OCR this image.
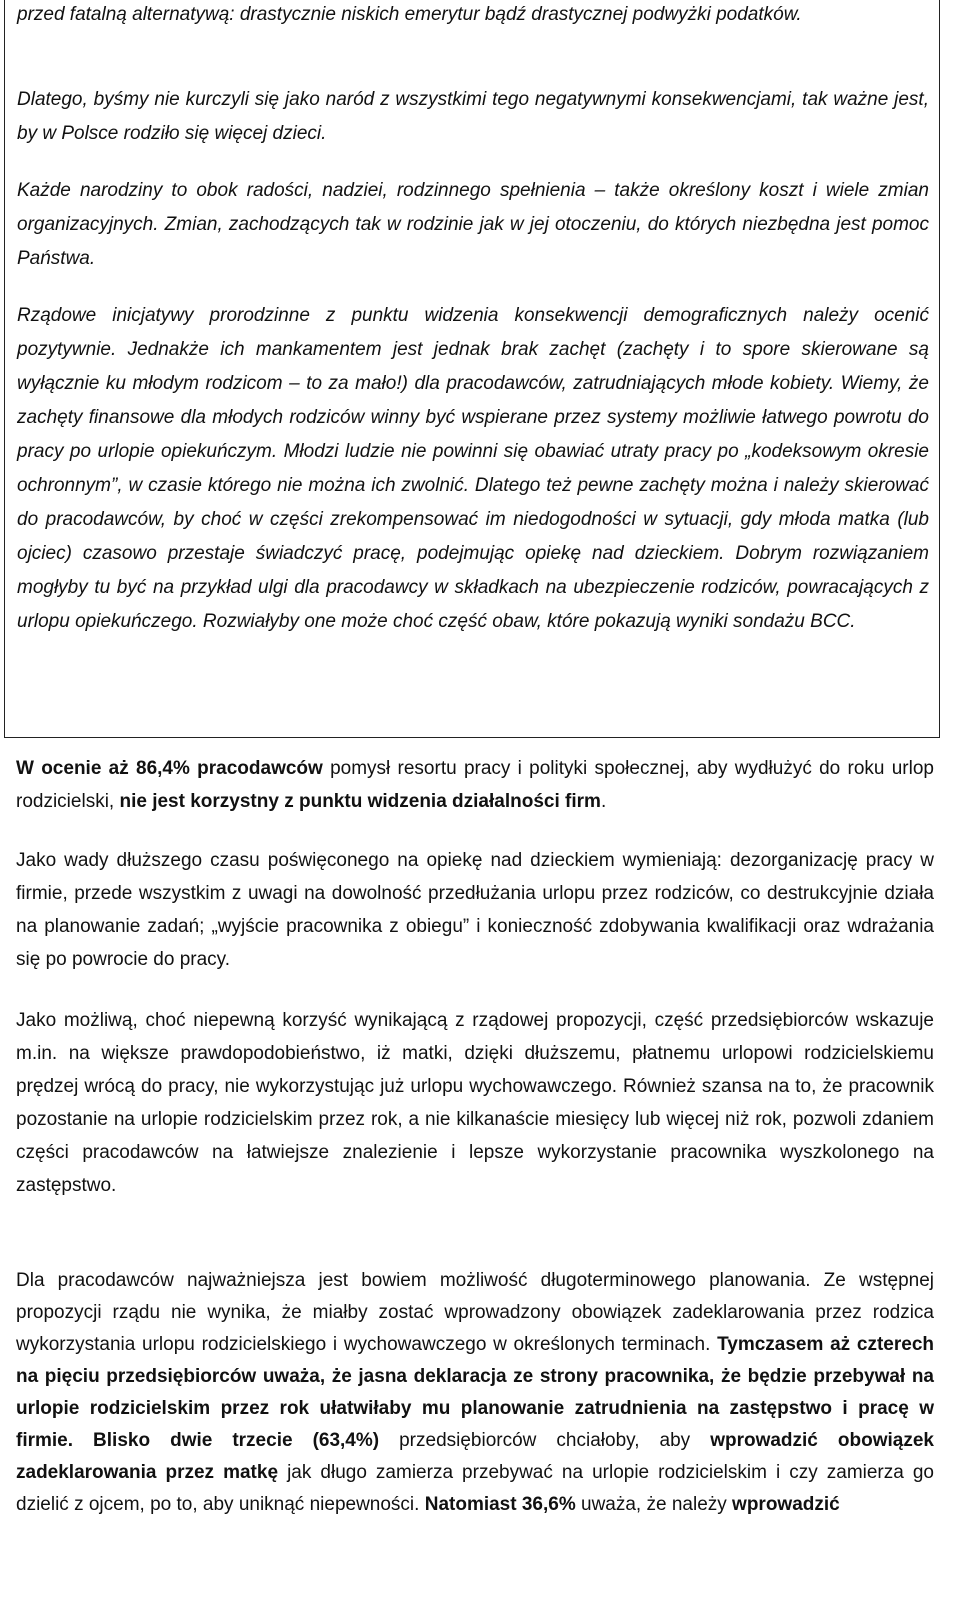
przed fatalną alternatywą: drastycznie niskich emerytur bądź drastycznej podwyżki podatków.

Dlatego, byśmy nie kurczyli się jako naród z wszystkimi tego negatywnymi konsekwencjami, tak ważne jest, by w Polsce rodziło się więcej dzieci.

Każde narodziny to obok radości, nadziei, rodzinnego spełnienia – także określony koszt i wiele zmian organizacyjnych. Zmian, zachodzących tak w rodzinie jak w jej otoczeniu, do których niezbędna jest pomoc Państwa.

Rządowe inicjatywy prorodzinne z punktu widzenia konsekwencji demograficznych należy ocenić pozytywnie. Jednakże ich mankamentem jest jednak brak zachęt (zachęty i to spore skierowane są wyłącznie ku młodym rodzicom – to za mało!) dla pracodawców, zatrudniających młode kobiety. Wiemy, że zachęty finansowe dla młodych rodziców winny być wspierane przez systemy możliwie łatwego powrotu do pracy po urlopie opiekuńczym. Młodzi ludzie nie powinni się obawiać utraty pracy po „kodeksowym okresie ochronnym”, w czasie którego nie można ich zwolnić. Dlatego też pewne zachęty można i należy skierować do pracodawców, by choć w części zrekompensować im niedogodności w sytuacji, gdy młoda matka (lub ojciec) czasowo przestaje świadczyć pracę, podejmując opiekę nad dzieckiem. Dobrym rozwiązaniem mogłyby tu być na przykład ulgi dla pracodawcy w składkach na ubezpieczenie rodziców, powracających z urlopu opiekuńczego. Rozwiałyby one może choć część obaw, które pokazują wyniki sondażu BCC.

W ocenie aż 86,4% pracodawców pomysł resortu pracy i polityki społecznej, aby wydłużyć do roku urlop rodzicielski, nie jest korzystny z punktu widzenia działalności firm.

Jako wady dłuższego czasu poświęconego na opiekę nad dzieckiem wymieniają: dezorganizację pracy w firmie, przede wszystkim z uwagi na dowolność przedłużania urlopu przez rodziców, co destrukcyjnie działa na planowanie zadań; „wyjście pracownika z obiegu” i konieczność zdobywania kwalifikacji oraz wdrażania się po powrocie do pracy.

Jako możliwą, choć niepewną korzyść wynikającą z rządowej propozycji, część przedsiębiorców wskazuje m.in. na większe prawdopodobieństwo, iż matki, dzięki dłuższemu, płatnemu urlopowi rodzicielskiemu prędzej wrócą do pracy, nie wykorzystując już urlopu wychowawczego. Również szansa na to, że pracownik pozostanie na urlopie rodzicielskim przez rok, a nie kilkanaście miesięcy lub więcej niż rok, pozwoli zdaniem części pracodawców na łatwiejsze znalezienie i lepsze wykorzystanie pracownika wyszkolonego na zastępstwo.

Dla pracodawców najważniejsza jest bowiem możliwość długoterminowego planowania. Ze wstępnej propozycji rządu nie wynika, że miałby zostać wprowadzony obowiązek zadeklarowania przez rodzica wykorzystania urlopu rodzicielskiego i wychowawczego w określonych terminach. Tymczasem aż czterech na pięciu przedsiębiorców uważa, że jasna deklaracja ze strony pracownika, że będzie przebywał na urlopie rodzicielskim przez rok ułatwiłaby mu planowanie zatrudnienia na zastępstwo i pracę w firmie. Blisko dwie trzecie (63,4%) przedsiębiorców chciałoby, aby wprowadzić obowiązek zadeklarowania przez matkę jak długo zamierza przebywać na urlopie rodzicielskim i czy zamierza go dzielić z ojcem, po to, aby uniknąć niepewności. Natomiast 36,6% uważa, że należy wprowadzić
